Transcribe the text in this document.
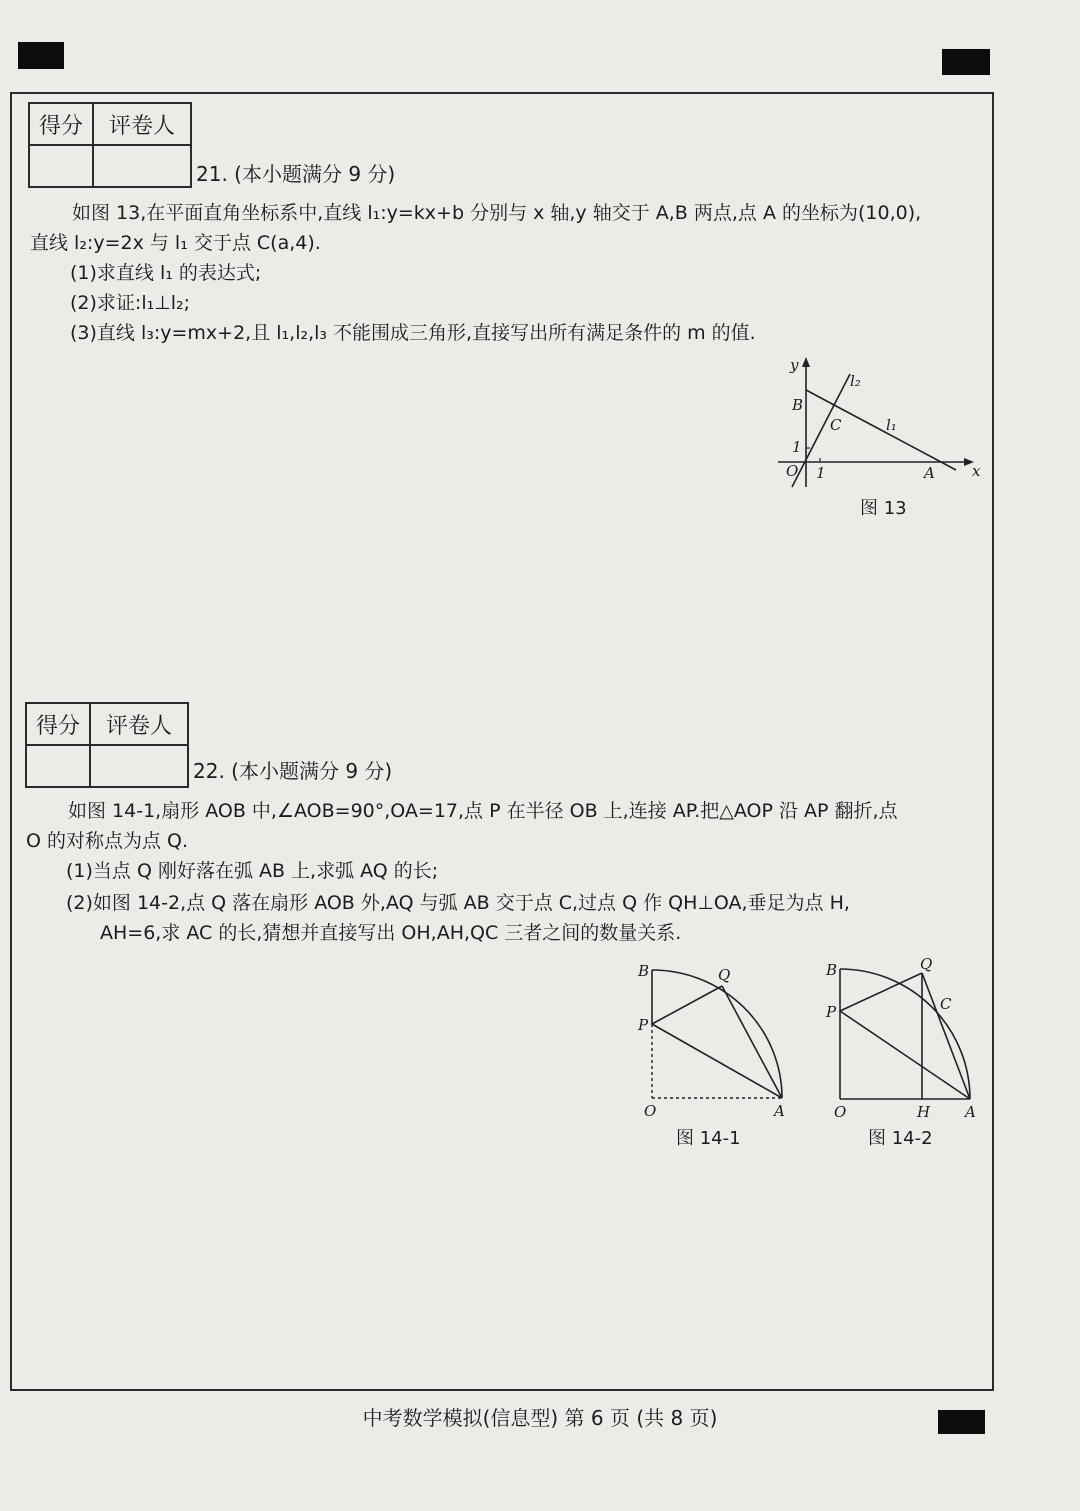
得分	评卷人

21. (本小题满分 9 分)
如图 13,在平面直角坐标系中,直线 l₁:y=kx+b 分别与 x 轴,y 轴交于 A,B 两点,点 A 的坐标为(10,0),
直线 l₂:y=2x 与 l₁ 交于点 C(a,4).
(1)求直线 l₁ 的表达式;
(2)求证:l₁⊥l₂;
(3)直线 l₃:y=mx+2,且 l₁,l₂,l₃ 不能围成三角形,直接写出所有满足条件的 m 的值.
y
x
O
B
C
A
l₁
l₂
1
1
图 13
得分	评卷人

22. (本小题满分 9 分)
如图 14-1,扇形 AOB 中,∠AOB=90°,OA=17,点 P 在半径 OB 上,连接 AP.把△AOP 沿 AP 翻折,点
O 的对称点为点 Q.
(1)当点 Q 刚好落在弧 AB 上,求弧 AQ 的长;
(2)如图 14-2,点 Q 落在扇形 AOB 外,AQ 与弧 AB 交于点 C,过点 Q 作 QH⊥OA,垂足为点 H,
AH=6,求 AC 的长,猜想并直接写出 OH,AH,QC 三者之间的数量关系.
B	Q
P
O	A
图 14-1
B	Q
P	C
O	H A
图 14-2
中考数学模拟(信息型) 第 6 页 (共 8 页)
